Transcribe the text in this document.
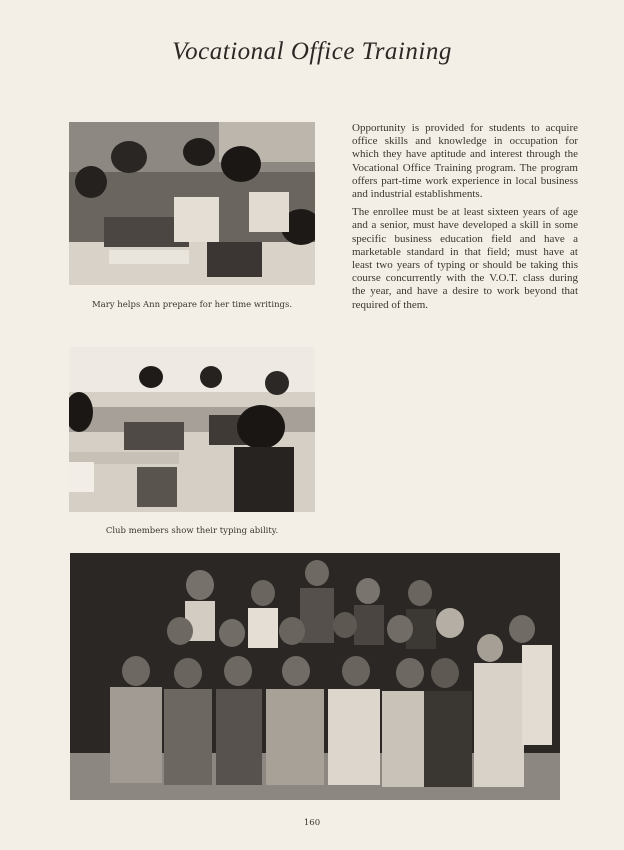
Vocational Office Training
Mary helps Ann prepare for her time writings.

Opportunity is provided for students to acquire office skills and knowledge in occupation for which they have aptitude and interest through the Vocational Office Training program. The program offers part-time work experience in local business and industrial establishments.

The enrollee must be at least sixteen years of age and a senior, must have developed a skill in some specific business education field and have a marketable standard in that field; must have at least two years of typing or should be taking this course concurrently with the V.O.T. class during the year, and have a desire to work beyond that required of them.

Club members show their typing ability.
160
